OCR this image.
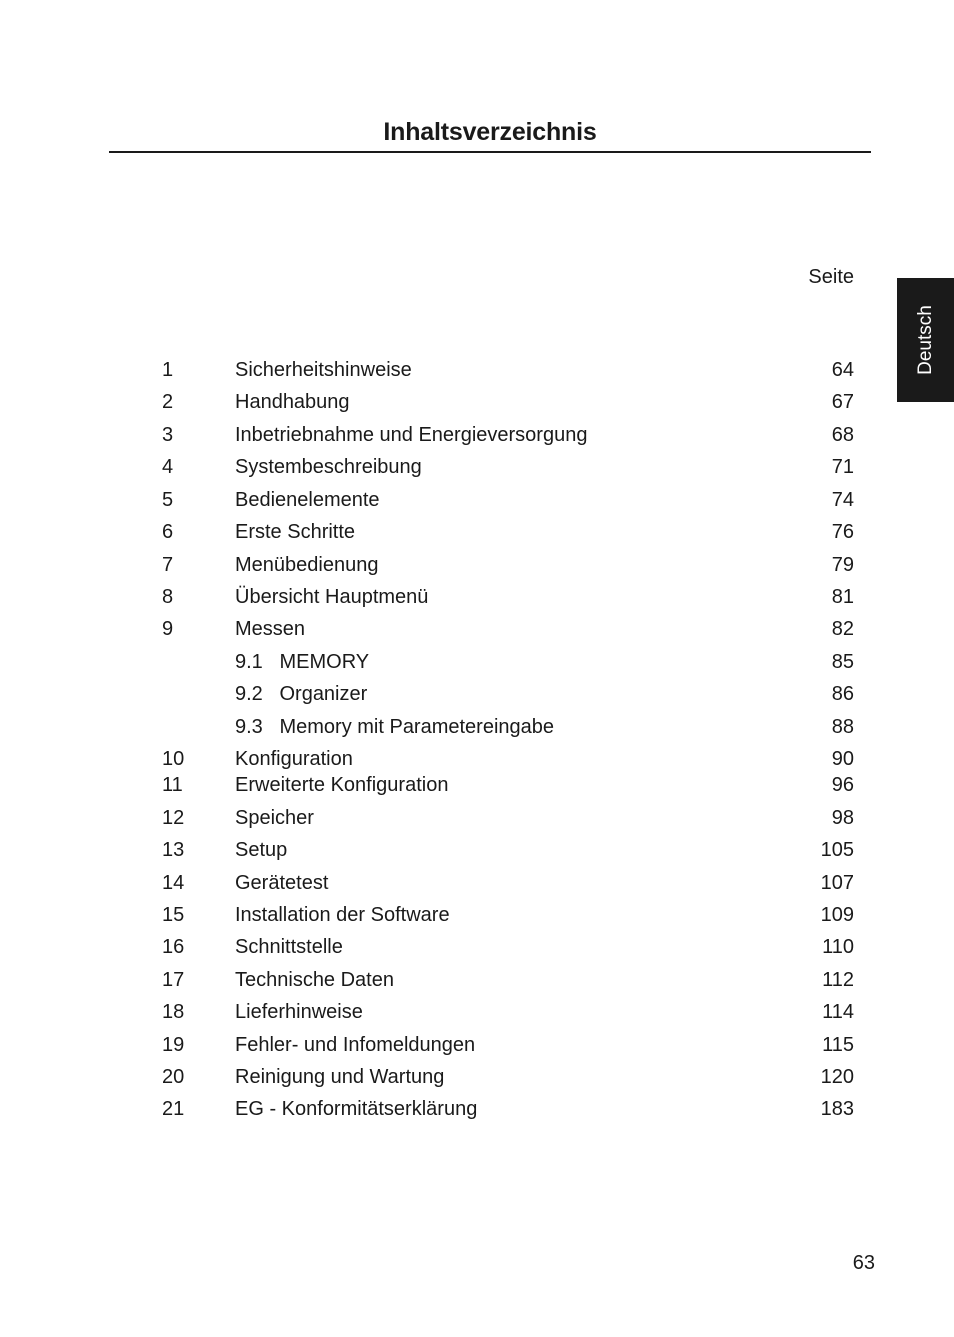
Inhaltsverzeichnis
Seite
Deutsch
1	Sicherheitshinweise	64
2	Handhabung	67
3	Inbetriebnahme und Energieversorgung	68
4	Systembeschreibung	71
5	Bedienelemente	74
6	Erste Schritte	76
7	Menübedienung	79
8	Übersicht Hauptmenü	81
9	Messen	82
9.1   MEMORY	85
9.2   Organizer	86
9.3   Memory mit Parametereingabe	88
10	Konfiguration	90
11	Erweiterte Konfiguration	96
12	Speicher	98
13	Setup	105
14	Gerätetest	107
15	Installation der Software	109
16	Schnittstelle	110
17	Technische Daten	112
18	Lieferhinweise	114
19	Fehler- und Infomeldungen	115
20	Reinigung und Wartung	120
21	EG - Konformitätserklärung	183
63
